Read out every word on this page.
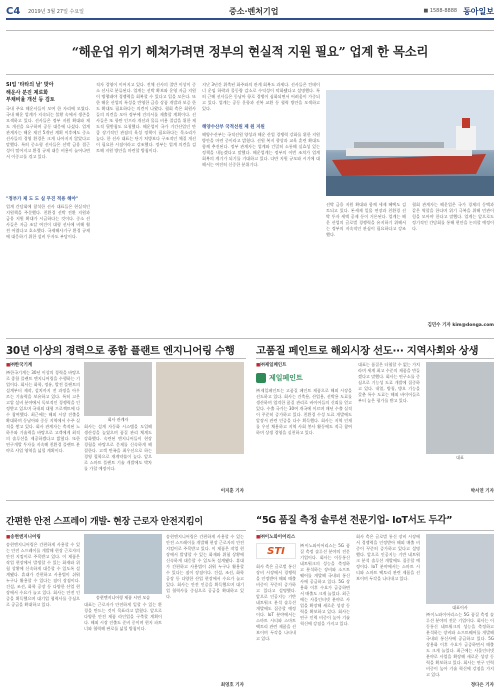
C4	2019년 3월 27일 수요일	중소·벤처기업	■ 1588-8888 동아일보
“해운업 위기 헤쳐가려면 정부의 현실적 지원 필요” 업계 한 목소리
SI업 '타타의 날' 맞아
해운사 분진 제로화
부채비율 개선 등 검토
국내 주요 해운사들이 모여 한 자리에 모였다. 국내 해운 업계가 지속되는 불황 속에서 생존을 모색하고 있다. 선사들은 정부 지원 확대와 제도 개선을 요구하며 공동 대응에 나섰다. 업계 관계자는 해운 재건 5개년 계획 이후에도 중소 선사들의 경영 환경은 크게 나아지지 않았다고 말했다. 특히 중소형 선사들은 선박 금융 접근성이 떨어지고 환경 규제 대응 비용이 늘어나면서 이중고를 겪고 있다.
"정부가 제 도 도 실 무진 적용 해야"
업계 간담회에 참석한 선사 대표들은 현실적인 지원책을 주문했다. 친환경 선박 전환 지원과 금융 지원 확대가 시급하다는 것이다. 중소 선사들은 자금 조달 여건이 대형 선사에 비해 훨씬 어렵다고 호소했다. 국제해사기구 환경 규제에 대응하기 위한 설비 투자도 부담이다.
적자 경영이 이어지고 있다. 전체 선사의 절반 이상이 중소 선사로 분류된다. 업계는 선박 확보와 운영 자금 지원이 병행돼야 경쟁력을 회복할 수 있다고 입을 모은다. 또한 해운 산업의 특성을 반영한 금융 상품 개발과 보증 한도 확대도 필요하다는 의견이 나왔다. 협회 측은 회원사들의 의견을 모아 정부에 건의서를 제출할 계획이다. 선사들은 또 항만 인프라 개선과 물류 비용 절감을 위한 제도적 뒷받침도 요청했다. 해운업이 국가 기간산업인 만큼 장기적인 관점의 육성 정책이 필요하다는 목소리가 높다. 한 선사 대표는 단기 처방보다 구조적인 체질 개선이 필요한 시점이라고 강조했다. 정부는 업계 의견을 검토해 지원 방안을 마련할 방침이다.
지난 3년간 위축된 화주와의 관계 회복도 과제다. 선사들은 컨테이너 운임 하락과 물동량 감소로 수익성이 악화됐다고 설명했다. 특히 근해 선사들은 동남아 항로 경쟁이 심화되면서 어려움이 가중되고 있다. 업계는 공동 운항과 선복 교환 등 협력 방안을 모색하고 있다.
해양수산부 국적선원 제 원 지원
해양수산부는 국적선원 양성과 해운 산업 경쟁력 강화를 위한 지원 방안을 마련 중이라고 밝혔다. 선원 복지 향상과 교육 훈련 확대도 함께 추진된다. 정부 관계자는 업계와 긴밀히 소통해 실효성 있는 정책을 내놓겠다고 말했다. 해운업계는 정부의 이번 조치가 업계 회복의 계기가 되기를 기대하고 있다. 다만 지원 규모와 시기에 대해서는 여전히 신중한 분위기다.
선박 금융 지원 확대와 함께 세제 혜택도 검토되고 있다. 톤세제 일몰 연장과 친환경 선박 투자 세액 공제 등이 거론된다. 업계는 해운 산업의 글로벌 경쟁력을 유지하기 위해서는 정부의 지속적인 관심이 필요하다고 강조했다.
협회 관계자는 해운업은 국가 경제의 동맥과 같은 역할을 한다며 위기 극복을 위해 민관이 힘을 모아야 한다고 말했다. 업계는 앞으로도 정기적인 간담회를 통해 현안을 논의할 예정이다.
김민수 기자 kim@donga.com
30년 이상의 경력으로 종합 플랜트 엔지니어링 수행
■㈜한국기계
㈜한국기계는 30년 이상의 경력을 바탕으로 종합 플랜트 엔지니어링을 수행하는 기업이다. 회사는 화학, 정유, 발전 플랜트의 설계부터 제작, 설치까지 전 과정을 아우르는 기술력을 보유하고 있다. 특히 고온 고압 설비 분야에서 독보적인 경쟁력을 인정받고 있으며 국내외 대형 프로젝트에 다수 참여했다. 최근에는 해외 시장 진출을 확대하며 동남아와 중동 지역에서 수주 실적을 쌓고 있다. 회사 관계자는 축적된 노하우와 기술력을 바탕으로 고객에게 최적의 솔루션을 제공하겠다고 밝혔다. 또한 연구개발 투자를 지속해 친환경 플랜트 분야로 사업 영역을 넓힐 계획이다.
회사 관계자
회사는 설계 자동화 시스템을 도입해 생산성을 높였으며 품질 관리 체계도 강화했다. 숙련된 엔지니어들이 현장 경험을 바탕으로 문제를 신속하게 해결한다. 고객 만족을 최우선으로 하는 경영 철학으로 재계약률이 높다. 앞으로 스마트 플랜트 기술 개발에도 박차를 가할 예정이다.
이지훈 기자
고품질 페인트로 해외시장 선도··· 지역사회와 상생
■㈜제일페인트
제일페인트
㈜제일페인트는 고품질 페인트 제품으로 해외 시장을 선도하고 있다. 회사는 건축용, 산업용, 선박용 도료를 생산하며 엄격한 품질 관리로 바이어들의 신뢰를 얻고 있다. 수출 국가는 30여 개국에 이르며 매년 수출 실적이 꾸준히 증가하고 있다. 친환경 수성 도료 개발에도 앞장서 관련 인증을 다수 획득했다. 회사는 지역 인재를 우선 채용하고 지역 사회 봉사 활동에도 적극 참여하며 상생 경영을 실천하고 있다.
대표는 품질은 타협할 수 없는 가치라며 세계 최고 수준의 제품을 만들겠다고 말했다. 회사는 연구소를 중심으로 기능성 도료 개발에 집중하고 있다. 내열, 방청, 방오 기능을 갖춘 특수 도료는 해외 바이어들로부터 높은 평가를 받고 있다.
대표
박서연 기자
간편한 안전 스프레이 개발- 현장 근로자 안전지킴이
■송현엔지니어링
송현엔지니어링은 간편하게 사용할 수 있는 안전 스프레이를 개발해 현장 근로자의 안전 지킴이로 주목받고 있다. 이 제품은 작업 현장에서 발생할 수 있는 화재와 위험 상황에 신속하게 대응할 수 있도록 설계됐다. 휴대가 간편하고 사용법이 쉬워 누구나 활용할 수 있다는 점이 장점이다. 건설, 조선, 화학 공장 등 다양한 산업 현장에서 수요가 늘고 있다. 회사는 안전 인증을 획득했으며 대기업 협력사를 중심으로 공급을 확대하고 있다.
송현엔지니어링 제품 시연 모습
대표는 근로자가 안전하게 일할 수 있는 환경을 만드는 것이 목표라고 밝혔다. 앞으로 다양한 안전 제품 라인업을 구축할 계획이다. 해외 시장 진출도 준비 중이며 현지 파트너와 협력해 판로를 넓힐 방침이다.
송현엔지니어링은 간편하게 사용할 수 있는 안전 스프레이를 개발해 현장 근로자의 안전 지킴이로 주목받고 있다. 이 제품은 작업 현장에서 발생할 수 있는 화재와 위험 상황에 신속하게 대응할 수 있도록 설계됐다. 휴대가 간편하고 사용법이 쉬워 누구나 활용할 수 있다는 점이 장점이다. 건설, 조선, 화학 공장 등 다양한 산업 현장에서 수요가 늘고 있다. 회사는 안전 인증을 획득했으며 대기업 협력사를 중심으로 공급을 확대하고 있다.
최영호 기자
“5G 품질 측정 솔루션 전문기업- IoT서도 두각”
■㈜이노와이어리스
STI	㈜이노와이어리스는 5G 품질 측정 솔루션 분야의 전문 기업이다. 회사는 이동통신 네트워크의 성능을 측정하고 분석하는 장비와 소프트웨어를 개발해 국내외 통신사에 공급하고 있다. 5G 상용화 이후 수요가 급증하면서 매출도 크게 늘었다. 최근에는 사물인터넷 분야로 사업을 확장해 새로운 성장 동력을 확보하고 있다. 회사는 연구 인력 비중이 높아 기술 혁신에 강점을 가지고 있다.
회사 측은 글로벌 통신 장비 시장에서 경쟁력을 인정받아 해외 매출 비중이 꾸준히 증가하고 있다고 설명했다. 앞으로 인공지능 기반 네트워크 분석 솔루션 개발에도 집중할 예정이다. IoT 분야에서는 스마트 시티와 스마트 팩토리 관련 제품을 선보이며 두각을 나타내고 있다.
회사 측은 글로벌 통신 장비 시장에서 경쟁력을 인정받아 해외 매출 비중이 꾸준히 증가하고 있다고 설명했다. 앞으로 인공지능 기반 네트워크 분석 솔루션 개발에도 집중할 예정이다. IoT 분야에서는 스마트 시티와 스마트 팩토리 관련 제품을 선보이며 두각을 나타내고 있다.
대표이사
㈜이노와이어리스는 5G 품질 측정 솔루션 분야의 전문 기업이다. 회사는 이동통신 네트워크의 성능을 측정하고 분석하는 장비와 소프트웨어를 개발해 국내외 통신사에 공급하고 있다. 5G 상용화 이후 수요가 급증하면서 매출도 크게 늘었다. 최근에는 사물인터넷 분야로 사업을 확장해 새로운 성장 동력을 확보하고 있다. 회사는 연구 인력 비중이 높아 기술 혁신에 강점을 가지고 있다.
정다은 기자
